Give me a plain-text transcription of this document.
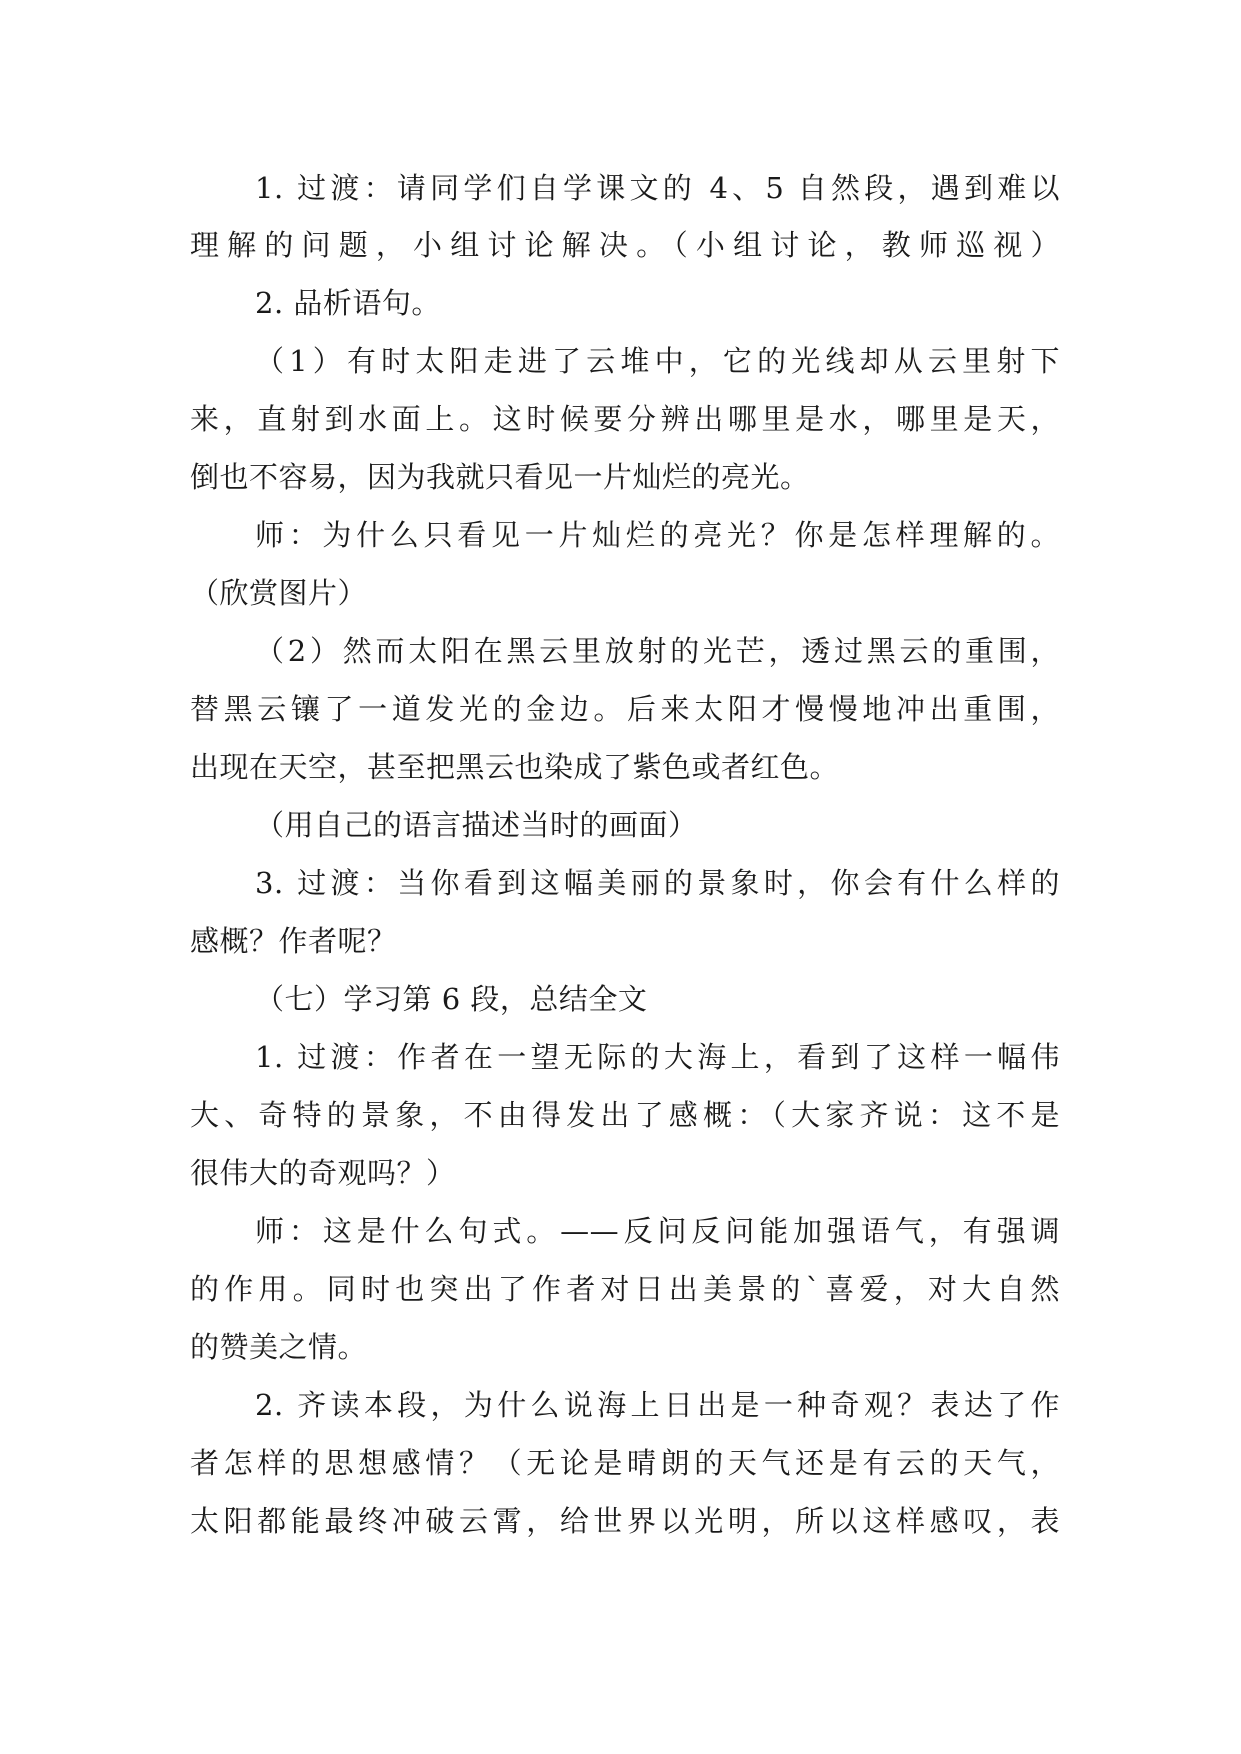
1. 过渡：请同学们自学课文的 4、5 自然段，遇到难以
理解的问题，小组讨论解决。（小组讨论，教师巡视）
2. 品析语句。
（1）有时太阳走进了云堆中，它的光线却从云里射下
来，直射到水面上。这时候要分辨出哪里是水，哪里是天，
倒也不容易，因为我就只看见一片灿烂的亮光。
师：为什么只看见一片灿烂的亮光？你是怎样理解的。
（欣赏图片）
（2）然而太阳在黑云里放射的光芒，透过黑云的重围，
替黑云镶了一道发光的金边。后来太阳才慢慢地冲出重围，
出现在天空，甚至把黑云也染成了紫色或者红色。
（用自己的语言描述当时的画面）
3. 过渡：当你看到这幅美丽的景象时，你会有什么样的
感概？作者呢？
（七）学习第 6 段，总结全文
1. 过渡：作者在一望无际的大海上，看到了这样一幅伟
大、奇特的景象，不由得发出了感概：（大家齐说：这不是
很伟大的奇观吗？）
师：这是什么句式。——反问反问能加强语气，有强调
的作用。同时也突出了作者对日出美景的`喜爱，对大自然
的赞美之情。
2. 齐读本段，为什么说海上日出是一种奇观？表达了作
者怎样的思想感情？（无论是晴朗的天气还是有云的天气，
太阳都能最终冲破云霄，给世界以光明，所以这样感叹，表
